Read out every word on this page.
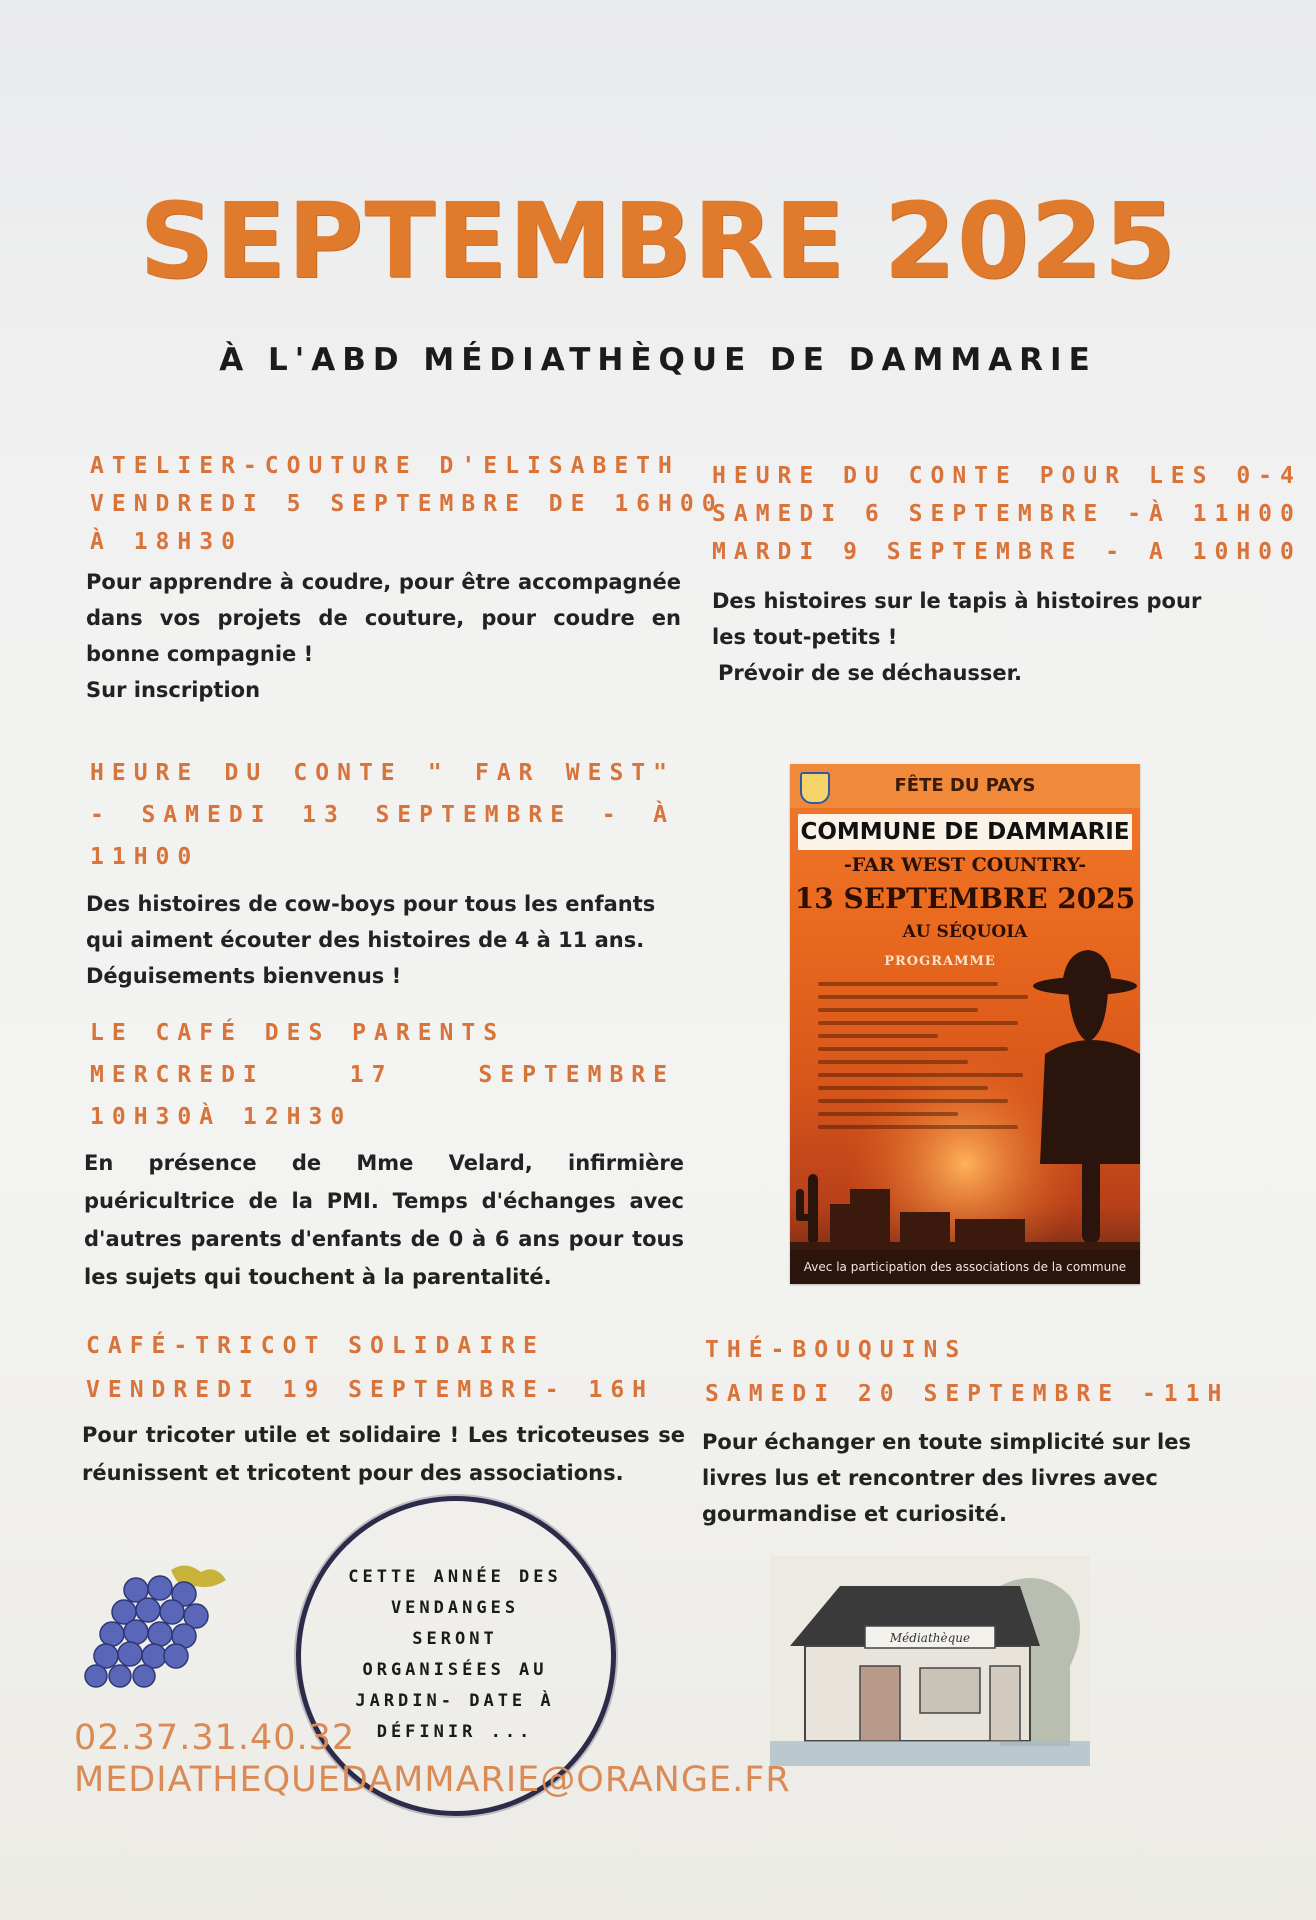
SEPTEMBRE 2025
À L'ABD MÉDIATHÈQUE DE DAMMARIE
ATELIER-COUTURE D'ELISABETH
VENDREDI 5 SEPTEMBRE DE 16H00
À 18H30
Pour apprendre à coudre, pour être accompagnée dans vos projets de couture, pour coudre en bonne compagnie !
Sur inscription
HEURE DU CONTE POUR LES 0-4
SAMEDI 6 SEPTEMBRE -À 11H00
MARDI 9 SEPTEMBRE - A 10H00
Des histoires sur le tapis à histoires pour les tout-petits !
Prévoir de se déchausser.
HEURE DU CONTE " FAR WEST"
- SAMEDI 13 SEPTEMBRE - À
11H00
Des histoires de cow-boys pour tous les enfants qui aiment écouter des histoires de 4 à 11 ans.
Déguisements bienvenus !
LE CAFÉ DES PARENTS
MERCREDI 17 SEPTEMBRE
10H30À 12H30
En présence de Mme Velard, infirmière puéricultrice de la PMI. Temps d'échanges avec d'autres parents d'enfants de 0 à 6 ans pour tous les sujets qui touchent à la parentalité.
FÊTE DU PAYS
COMMUNE DE DAMMARIE
-FAR WEST COUNTRY-
13 SEPTEMBRE 2025
AU SÉQUOIA
PROGRAMME
Avec la participation des associations de la commune
CAFÉ-TRICOT SOLIDAIRE
VENDREDI 19 SEPTEMBRE- 16H
Pour tricoter utile et solidaire ! Les tricoteuses se réunissent et tricotent pour des associations.
THÉ-BOUQUINS
SAMEDI 20 SEPTEMBRE -11H
Pour échanger en toute simplicité sur les livres lus et rencontrer des livres avec gourmandise et curiosité.
CETTE ANNÉE DES
VENDANGES
SERONT
ORGANISÉES AU
JARDIN- DATE À
DÉFINIR ...
Médiathèque
02.37.31.40.32
MEDIATHEQUEDAMMARIE@ORANGE.FR
